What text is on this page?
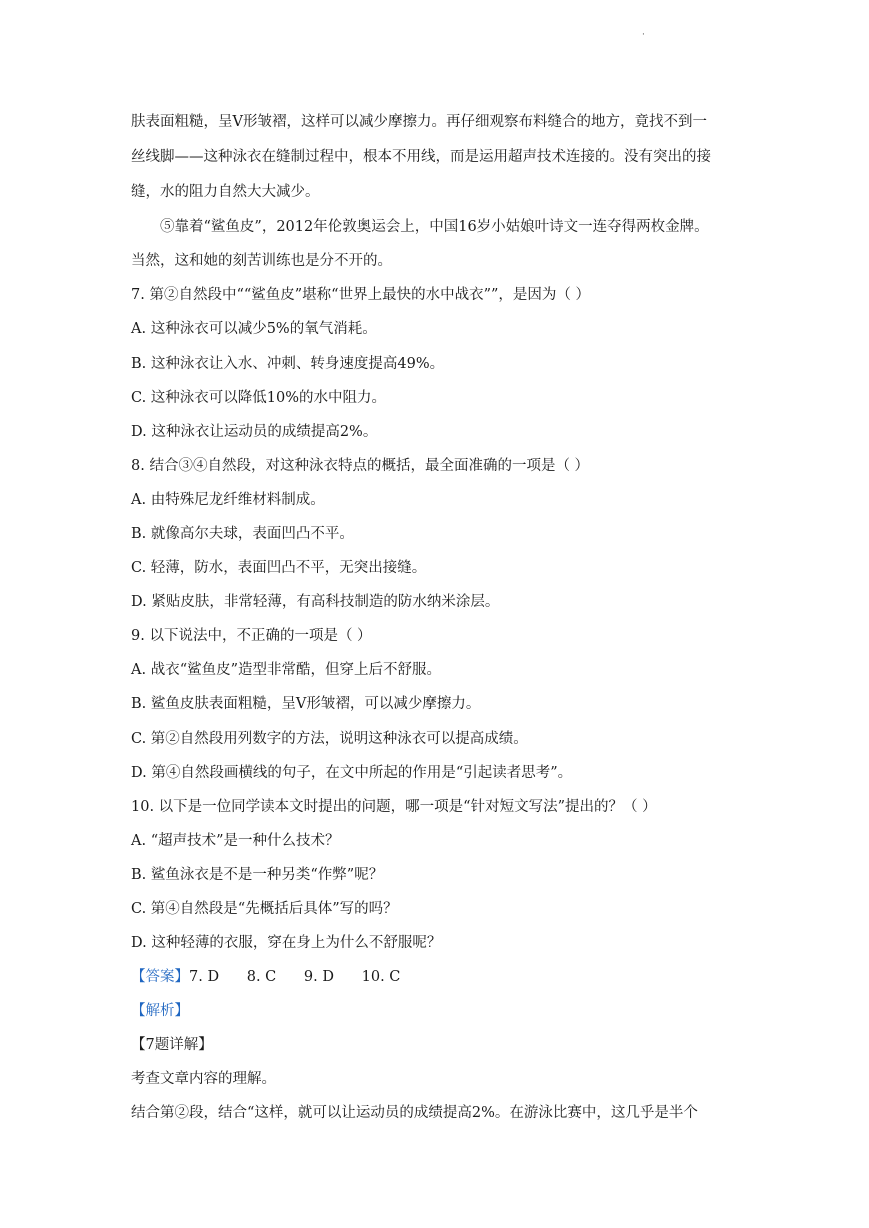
·
肤表面粗糙，呈V形皱褶，这样可以减少摩擦力。再仔细观察布料缝合的地方，竟找不到一
丝线脚——这种泳衣在缝制过程中，根本不用线，而是运用超声技术连接的。没有突出的接
缝，水的阻力自然大大减少。
⑤靠着“鲨鱼皮”，2012年伦敦奥运会上，中国16岁小姑娘叶诗文一连夺得两枚金牌。
当然，这和她的刻苦训练也是分不开的。
7. 第②自然段中““鲨鱼皮”堪称“世界上最快的水中战衣””，是因为（ ）
A. 这种泳衣可以减少5%的氧气消耗。
B. 这种泳衣让入水、冲刺、转身速度提高49%。
C. 这种泳衣可以降低10%的水中阻力。
D. 这种泳衣让运动员的成绩提高2%。
8. 结合③④自然段，对这种泳衣特点的概括，最全面准确的一项是（ ）
A. 由特殊尼龙纤维材料制成。
B. 就像高尔夫球，表面凹凸不平。
C. 轻薄，防水，表面凹凸不平，无突出接缝。
D. 紧贴皮肤，非常轻薄，有高科技制造的防水纳米涂层。
9. 以下说法中，不正确的一项是（ ）
A. 战衣“鲨鱼皮”造型非常酷，但穿上后不舒服。
B. 鲨鱼皮肤表面粗糙，呈V形皱褶，可以减少摩擦力。
C. 第②自然段用列数字的方法，说明这种泳衣可以提高成绩。
D. 第④自然段画横线的句子，在文中所起的作用是“引起读者思考”。
10. 以下是一位同学读本文时提出的问题，哪一项是“针对短文写法”提出的？（ ）
A. “超声技术”是一种什么技术？
B. 鲨鱼泳衣是不是一种另类“作弊”呢？
C. 第④自然段是“先概括后具体”写的吗？
D. 这种轻薄的衣服，穿在身上为什么不舒服呢？
【答案】7. D      8. C      9. D      10. C
【解析】
【7题详解】
考查文章内容的理解。
结合第②段，结合“这样，就可以让运动员的成绩提高2%。在游泳比赛中，这几乎是半个
